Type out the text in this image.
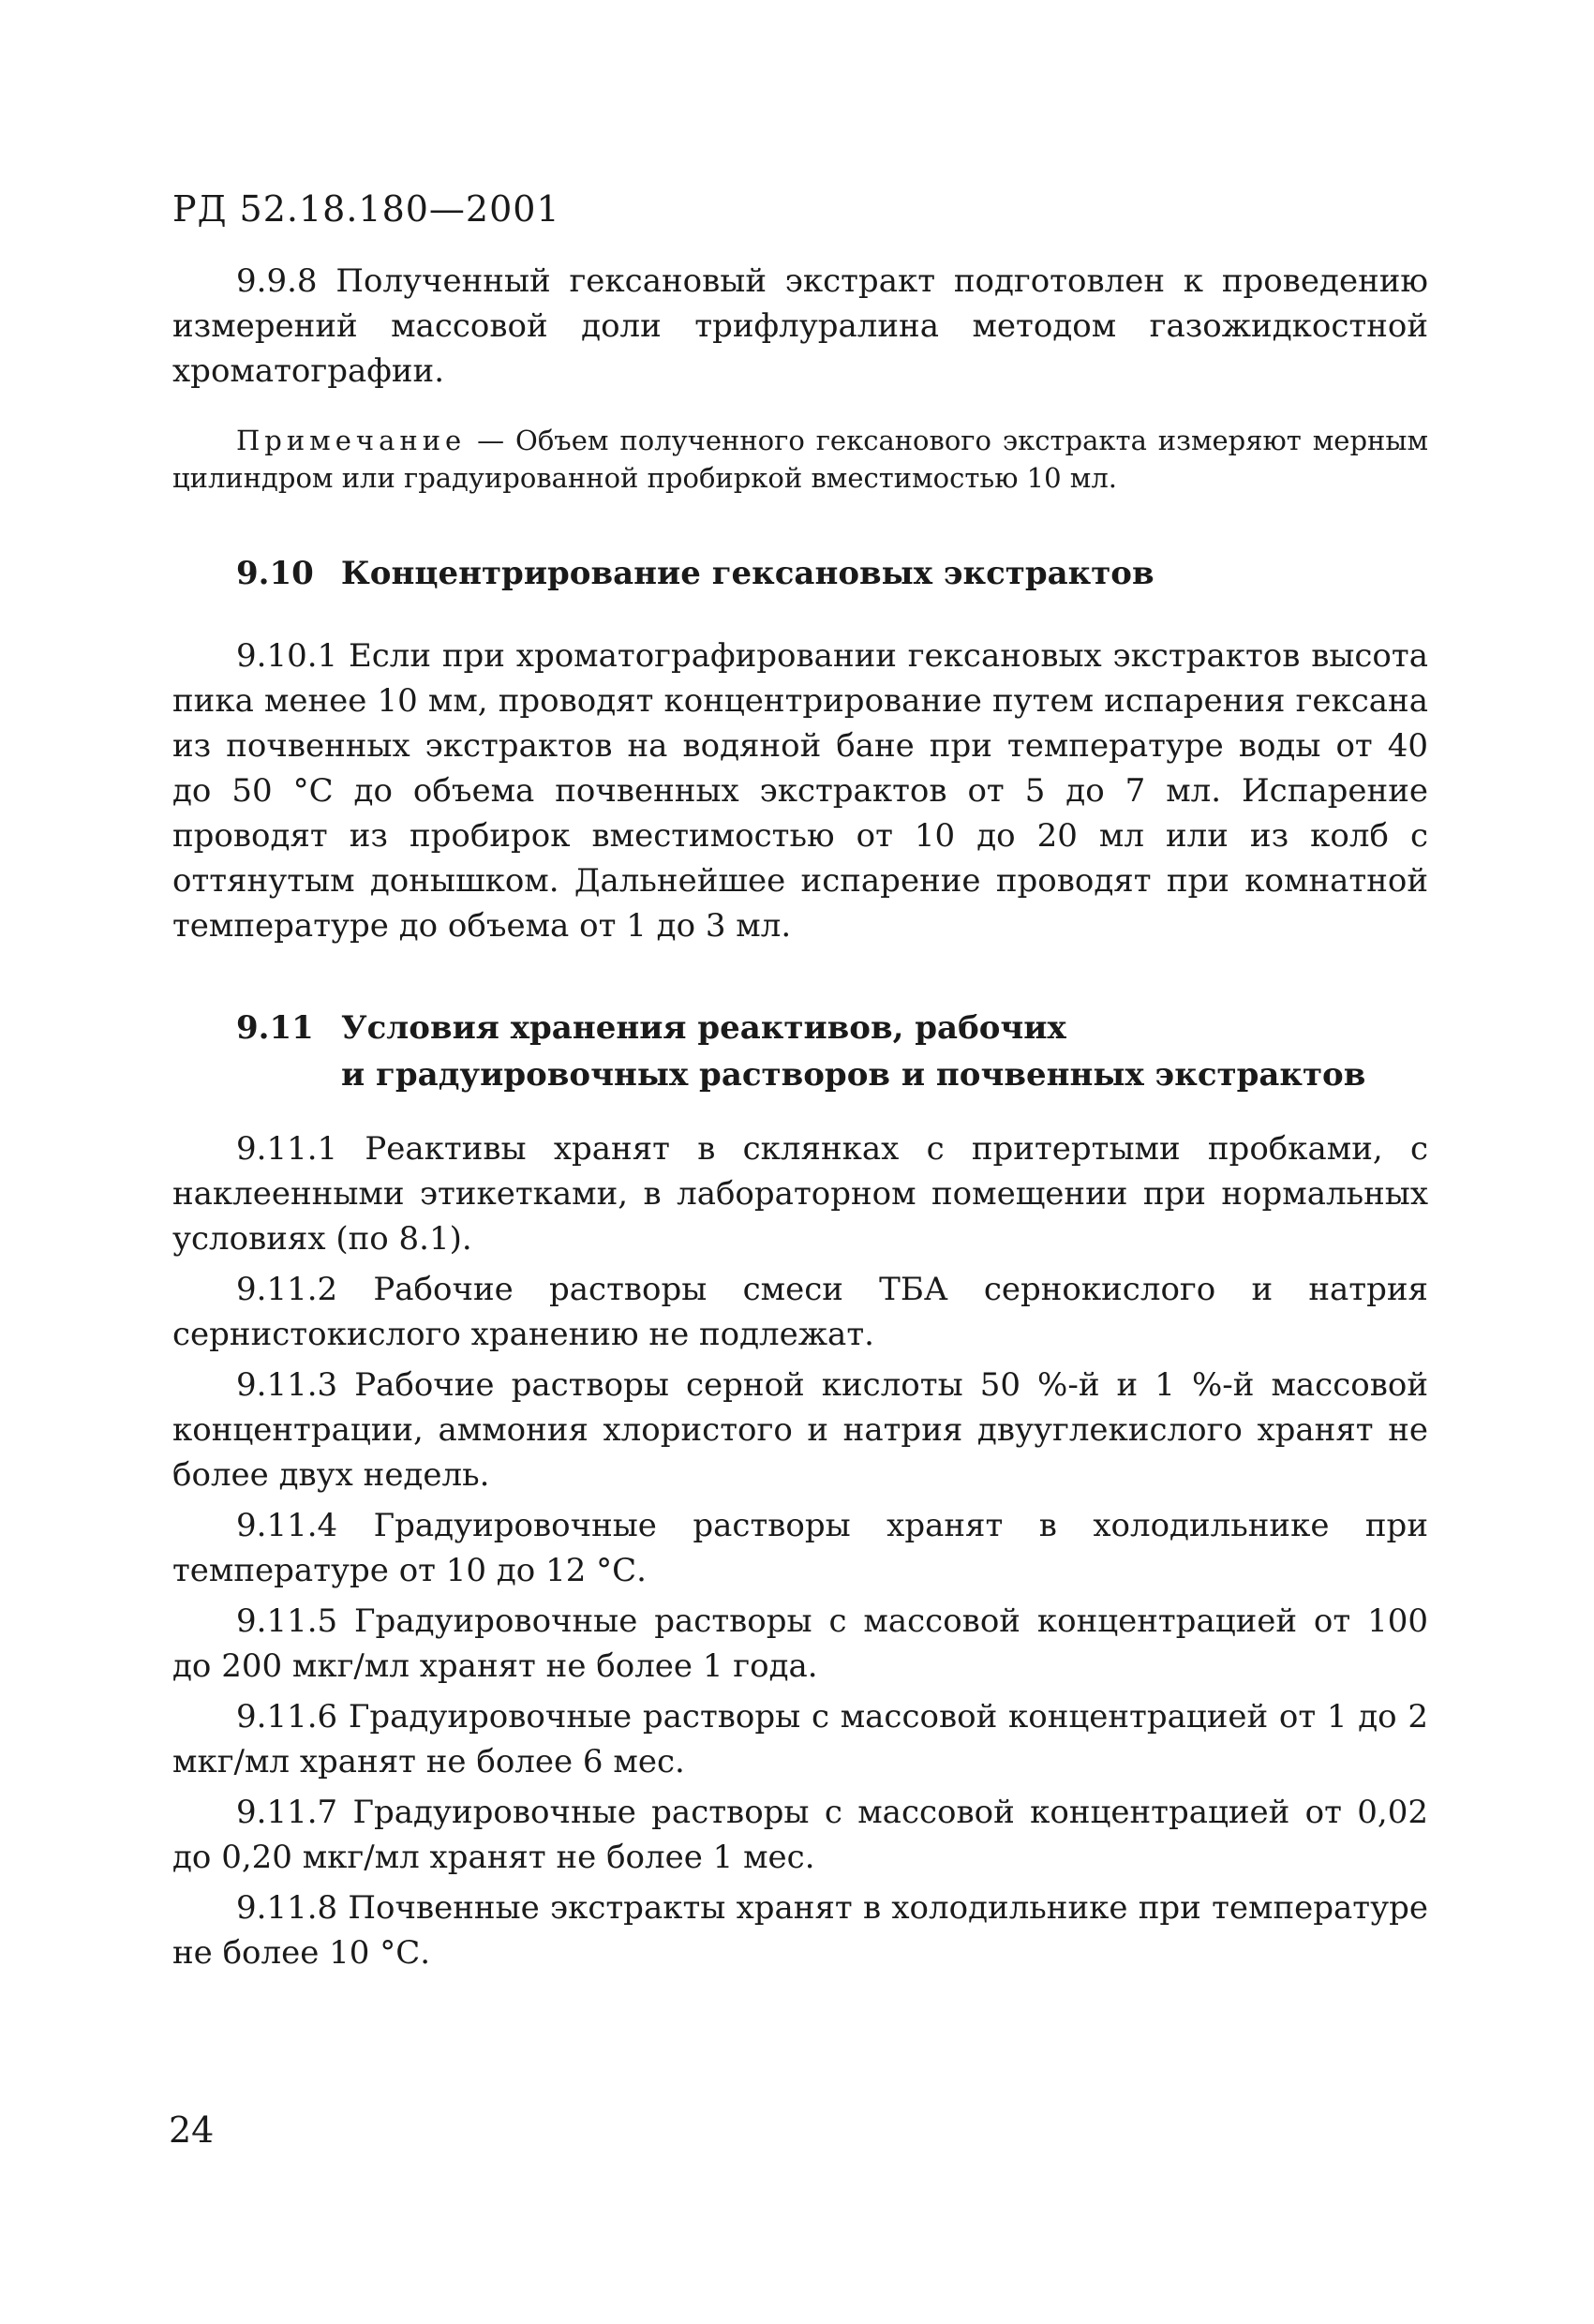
РД 52.18.180—2001

9.9.8 Полученный гексановый экстракт подготовлен к проведению измерений массовой доли трифлуралина методом газожидкостной хроматографии.

Примечание — Объем полученного гексанового экстракта измеряют мерным цилиндром или градуированной пробиркой вместимостью 10 мл.

9.10 Концентрирование гексановых экстрактов

9.10.1 Если при хроматографировании гексановых экстрактов высота пика менее 10 мм, проводят концентрирование путем испарения гексана из почвенных экстрактов на водяной бане при температуре воды от 40 до 50 °С до объема почвенных экстрактов от 5 до 7 мл. Испарение проводят из пробирок вместимостью от 10 до 20 мл или из колб с оттянутым донышком. Дальнейшее испарение проводят при комнатной температуре до объема от 1 до 3 мл.

9.11 Условия хранения реактивов, рабочих
и градуировочных растворов и почвенных экстрактов

9.11.1 Реактивы хранят в склянках с притертыми пробками, с наклеенными этикетками, в лабораторном помещении при нормальных условиях (по 8.1).

9.11.2 Рабочие растворы смеси ТБА сернокислого и натрия сернистокислого хранению не подлежат.

9.11.3 Рабочие растворы серной кислоты 50 %-й и 1 %-й массовой концентрации, аммония хлористого и натрия двууглекислого хранят не более двух недель.

9.11.4 Градуировочные растворы хранят в холодильнике при температуре от 10 до 12 °С.

9.11.5 Градуировочные растворы с массовой концентрацией от 100 до 200 мкг/мл хранят не более 1 года.

9.11.6 Градуировочные растворы с массовой концентрацией от 1 до 2 мкг/мл хранят не более 6 мес.

9.11.7 Градуировочные растворы с массовой концентрацией от 0,02 до 0,20 мкг/мл хранят не более 1 мес.

9.11.8 Почвенные экстракты хранят в холодильнике при температуре не более 10 °С.

24
